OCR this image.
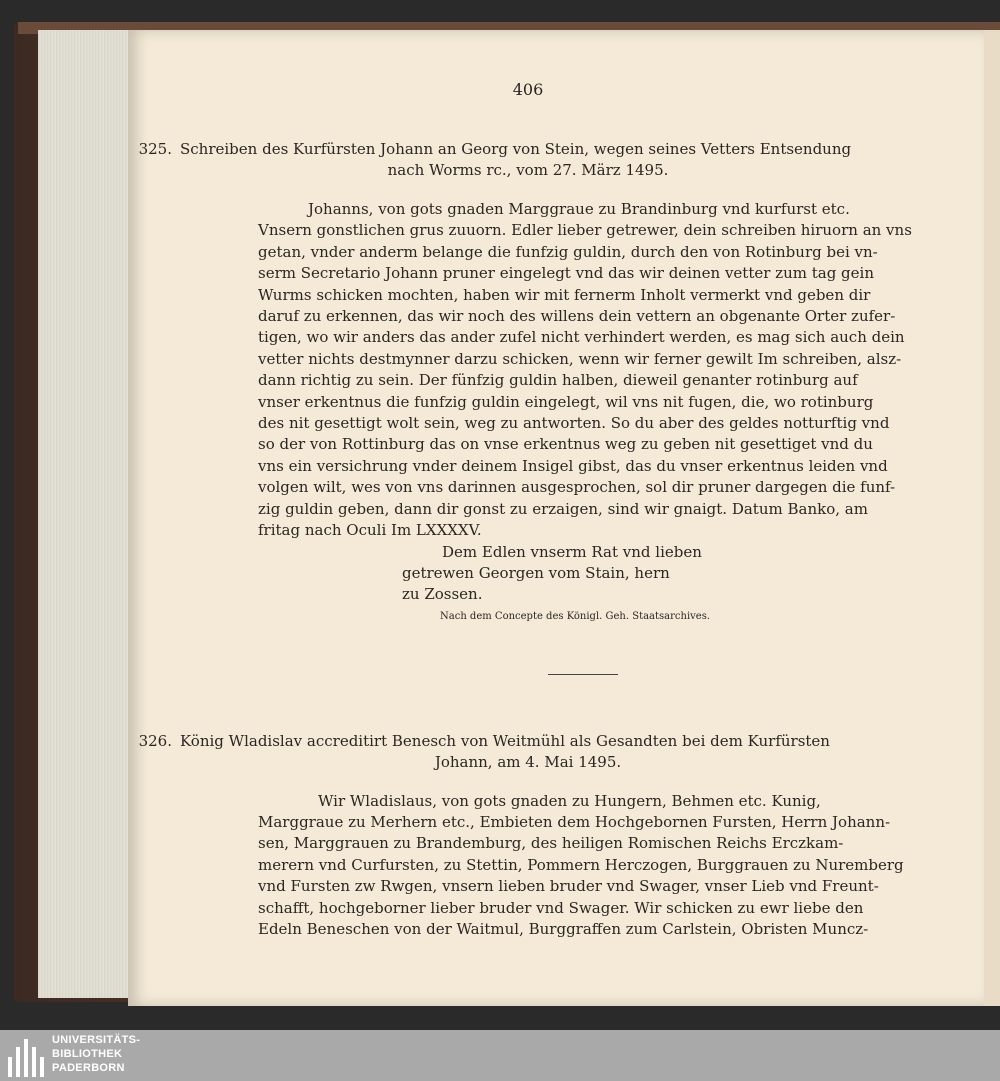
406
325. Schreiben des Kurfürsten Johann an Georg von Stein, wegen seines Vetters Entsendung
nach Worms rc., vom 27. März 1495.

Johanns, von gots gnaden Marggraue zu Brandinburg vnd kurfurst etc.

Vnsern gonstlichen grus zuuorn. Edler lieber getrewer, dein schreiben hiruorn an vns

getan, vnder anderm belange die funfzig guldin, durch den von Rotinburg bei vn-

serm Secretario Johann pruner eingelegt vnd das wir deinen vetter zum tag gein

Wurms schicken mochten, haben wir mit fernerm Inholt vermerkt vnd geben dir

daruf zu erkennen, das wir noch des willens dein vettern an obgenante Orter zufer-

tigen, wo wir anders das ander zufel nicht verhindert werden, es mag sich auch dein

vetter nichts destmynner darzu schicken, wenn wir ferner gewilt Im schreiben, alsz-

dann richtig zu sein. Der fünfzig guldin halben, dieweil genanter rotinburg auf

vnser erkentnus die funfzig guldin eingelegt, wil vns nit fugen, die, wo rotinburg

des nit gesettigt wolt sein, weg zu antworten. So du aber des geldes notturftig vnd

so der von Rottinburg das on vnse erkentnus weg zu geben nit gesettiget vnd du

vns ein versichrung vnder deinem Insigel gibst, das du vnser erkentnus leiden vnd

volgen wilt, wes von vns darinnen ausgesprochen, sol dir pruner dargegen die funf-

zig guldin geben, dann dir gonst zu erzaigen, sind wir gnaigt. Datum Banko, am

fritag nach Oculi Im LXXXXV.

Dem Edlen vnserm Rat vnd lieben
getrewen Georgen vom Stain, hern
zu Zossen.
Nach dem Concepte des Königl. Geh. Staatsarchives.
326. König Wladislav accreditirt Benesch von Weitmühl als Gesandten bei dem Kurfürsten
Johann, am 4. Mai 1495.

Wir Wladislaus, von gots gnaden zu Hungern, Behmen etc. Kunig,

Marggraue zu Merhern etc., Embieten dem Hochgebornen Fursten, Herrn Johann-

sen, Marggrauen zu Brandemburg, des heiligen Romischen Reichs Erczkam-

merern vnd Curfursten, zu Stettin, Pommern Herczogen, Burggrauen zu Nuremberg

vnd Fursten zw Rwgen, vnsern lieben bruder vnd Swager, vnser Lieb vnd Freunt-

schafft, hochgeborner lieber bruder vnd Swager. Wir schicken zu ewr liebe den

Edeln Beneschen von der Waitmul, Burggraffen zum Carlstein, Obristen Muncz-

UNIVERSITÄTS-
BIBLIOTHEK
PADERBORN
